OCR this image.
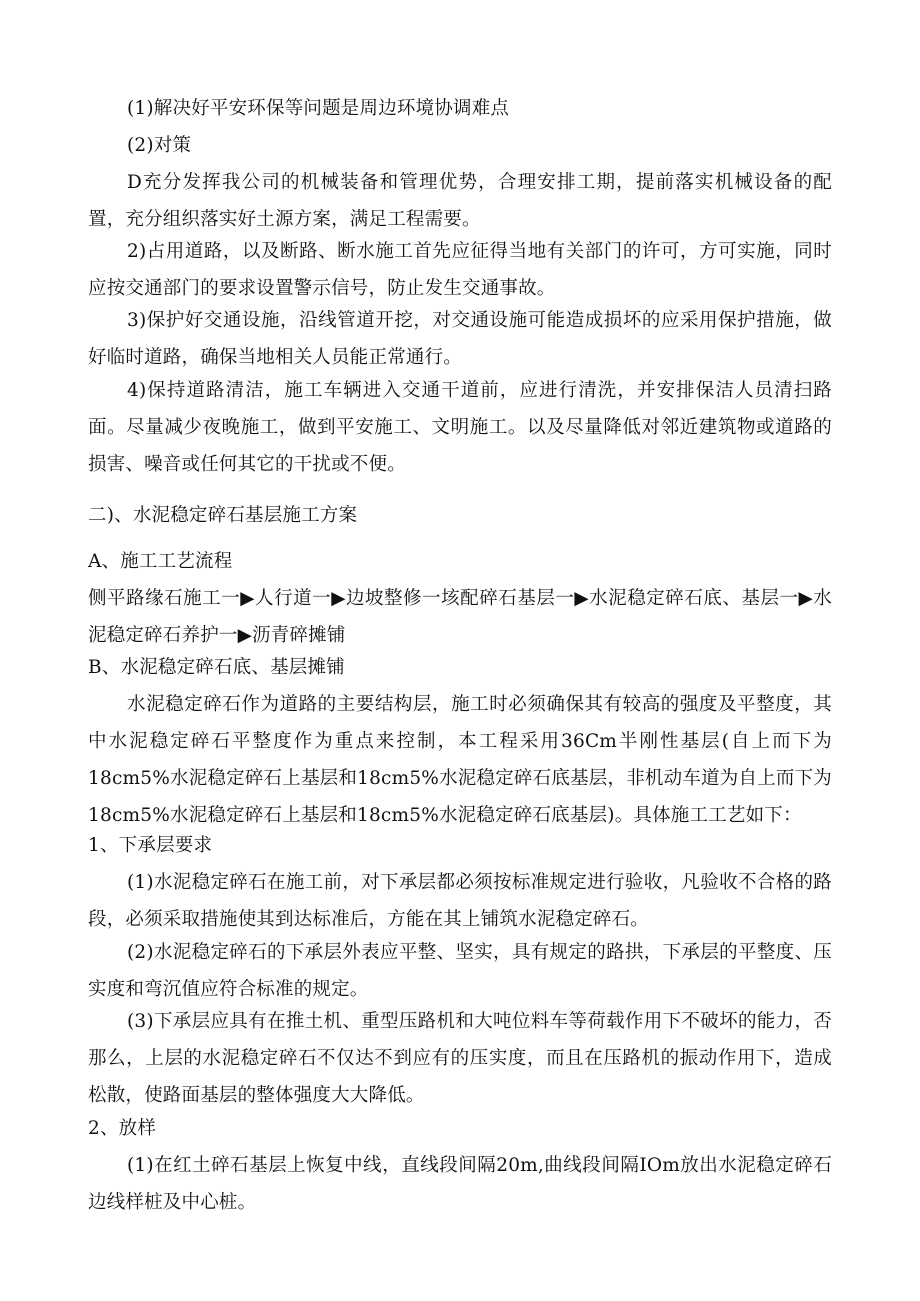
(1)解决好平安环保等问题是周边环境协调难点

(2)对策

D充分发挥我公司的机械装备和管理优势，合理安排工期，提前落实机械设备的配置，充分组织落实好土源方案，满足工程需要。

2)占用道路，以及断路、断水施工首先应征得当地有关部门的许可，方可实施，同时应按交通部门的要求设置警示信号，防止发生交通事故。

3)保护好交通设施，沿线管道开挖，对交通设施可能造成损坏的应采用保护措施，做好临时道路，确保当地相关人员能正常通行。

4)保持道路清洁，施工车辆进入交通干道前，应进行清洗，并安排保洁人员清扫路面。尽量减少夜晚施工，做到平安施工、文明施工。以及尽量降低对邻近建筑物或道路的损害、噪音或任何其它的干扰或不便。

二)、水泥稳定碎石基层施工方案

A、施工工艺流程

侧平路缘石施工一▶人行道一▶边坡整修一垓配碎石基层一▶水泥稳定碎石底、基层一▶水泥稳定碎石养护一▶沥青碎摊铺

B、水泥稳定碎石底、基层摊铺

水泥稳定碎石作为道路的主要结构层，施工时必须确保其有较高的强度及平整度，其中水泥稳定碎石平整度作为重点来控制，本工程采用36Cm半刚性基层(自上而下为18cm5%水泥稳定碎石上基层和18cm5%水泥稳定碎石底基层，非机动车道为自上而下为18cm5%水泥稳定碎石上基层和18cm5%水泥稳定碎石底基层)。具体施工工艺如下：

1、下承层要求

(1)水泥稳定碎石在施工前，对下承层都必须按标准规定进行验收，凡验收不合格的路段，必须采取措施使其到达标准后，方能在其上铺筑水泥稳定碎石。

(2)水泥稳定碎石的下承层外表应平整、坚实，具有规定的路拱，下承层的平整度、压实度和弯沉值应符合标准的规定。

(3)下承层应具有在推土机、重型压路机和大吨位料车等荷载作用下不破坏的能力，否那么，上层的水泥稳定碎石不仅达不到应有的压实度，而且在压路机的振动作用下，造成松散，使路面基层的整体强度大大降低。

2、放样

(1)在红土碎石基层上恢复中线，直线段间隔20m,曲线段间隔IOm放出水泥稳定碎石边线样桩及中心桩。
